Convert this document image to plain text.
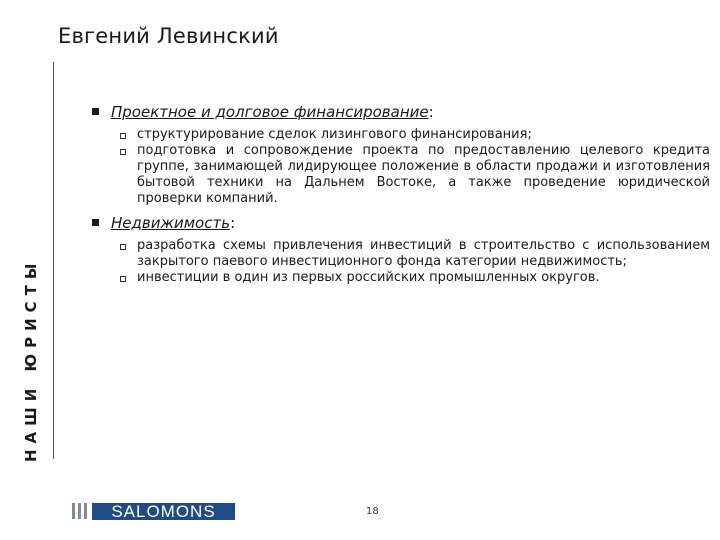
Евгений Левинский
НАШИ ЮРИСТЫ
Проектное и долговое финансирование:
структурирование сделок лизингового финансирования;
подготовка и сопровождение проекта по предоставлению целевого кредита группе, занимающей лидирующее положение в области продажи и изготовления бытовой техники на Дальнем Востоке, а также проведение юридической проверки компаний.
Недвижимость:
разработка схемы привлечения инвестиций в строительство с использованием закрытого паевого инвестиционного фонда категории недвижимость;
инвестиции в один из первых российских промышленных округов.
SALOMONS	18
